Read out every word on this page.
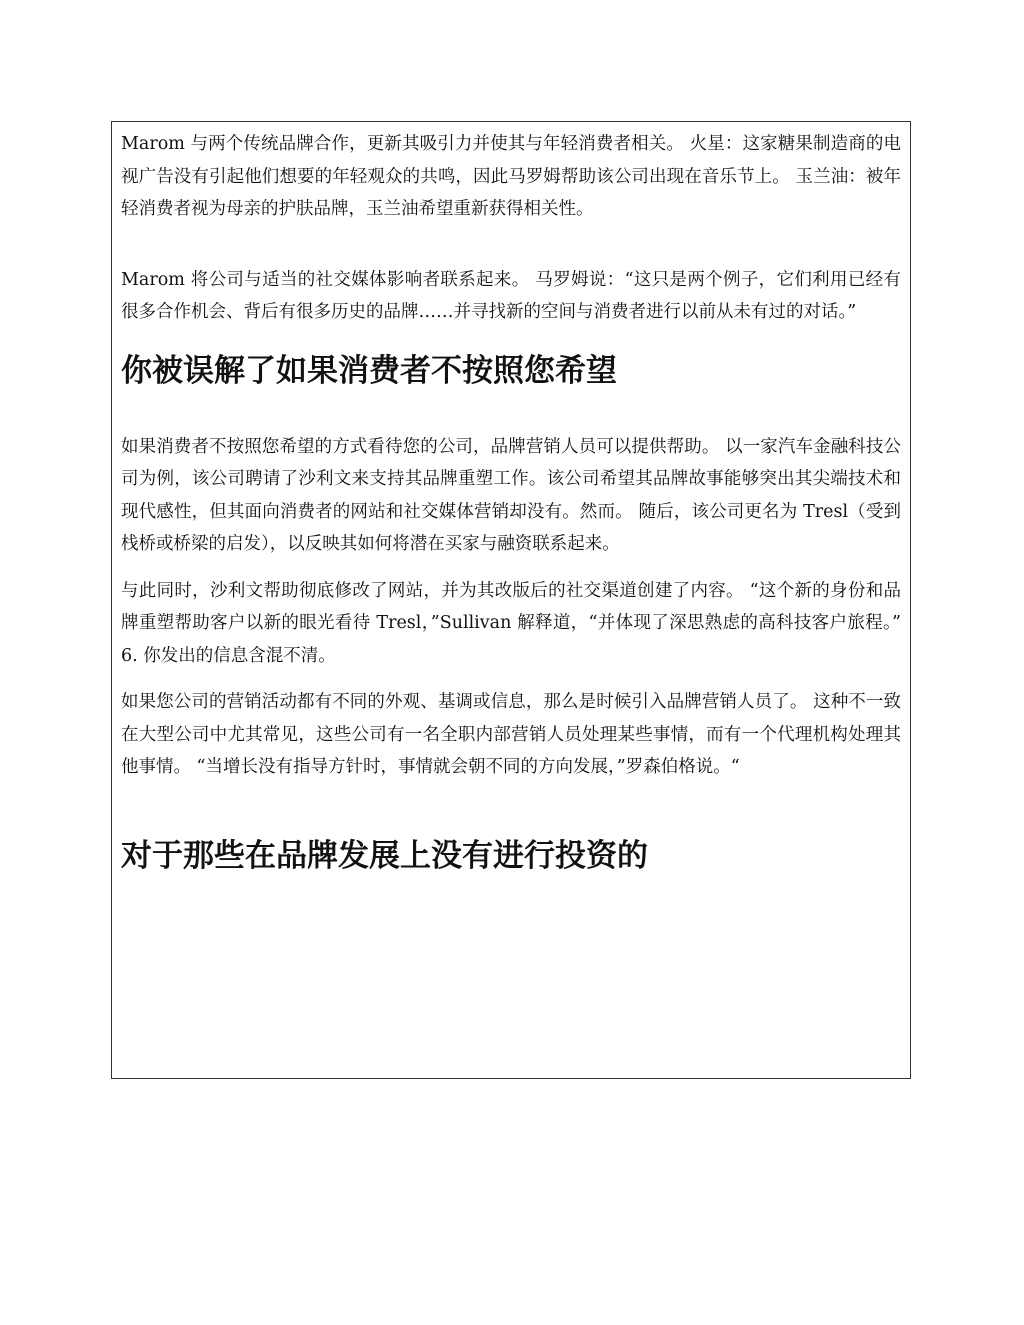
Marom 与两个传统品牌合作，更新其吸引力并使其与年轻消费者相关。 火星：这家糖果制造商的电视广告没有引起他们想要的年轻观众的共鸣，因此马罗姆帮助该公司出现在音乐节上。 玉兰油：被年轻消费者视为母亲的护肤品牌，玉兰油希望重新获得相关性。

Marom 将公司与适当的社交媒体影响者联系起来。 马罗姆说：“这只是两个例子，它们利用已经有很多合作机会、背后有很多历史的品牌……并寻找新的空间与消费者进行以前从未有过的对话。”

你被误解了如果消费者不按照您希望

如果消费者不按照您希望的方式看待您的公司，品牌营销人员可以提供帮助。 以一家汽车金融科技公司为例，该公司聘请了沙利文来支持其品牌重塑工作。该公司希望其品牌故事能够突出其尖端技术和现代感性，但其面向消费者的网站和社交媒体营销却没有。然而。 随后，该公司更名为 Tresl（受到栈桥或桥梁的启发），以反映其如何将潜在买家与融资联系起来。

与此同时，沙利文帮助彻底修改了网站，并为其改版后的社交渠道创建了内容。 “这个新的身份和品牌重塑帮助客户以新的眼光看待 Tresl，”Sullivan 解释道，“并体现了深思熟虑的高科技客户旅程。” 6. 你发出的信息含混不清。

如果您公司的营销活动都有不同的外观、基调或信息，那么是时候引入品牌营销人员了。 这种不一致在大型公司中尤其常见，这些公司有一名全职内部营销人员处理某些事情，而有一个代理机构处理其他事情。 “当增长没有指导方针时，事情就会朝不同的方向发展，”罗森伯格说。“

对于那些在品牌发展上没有进行投资的
